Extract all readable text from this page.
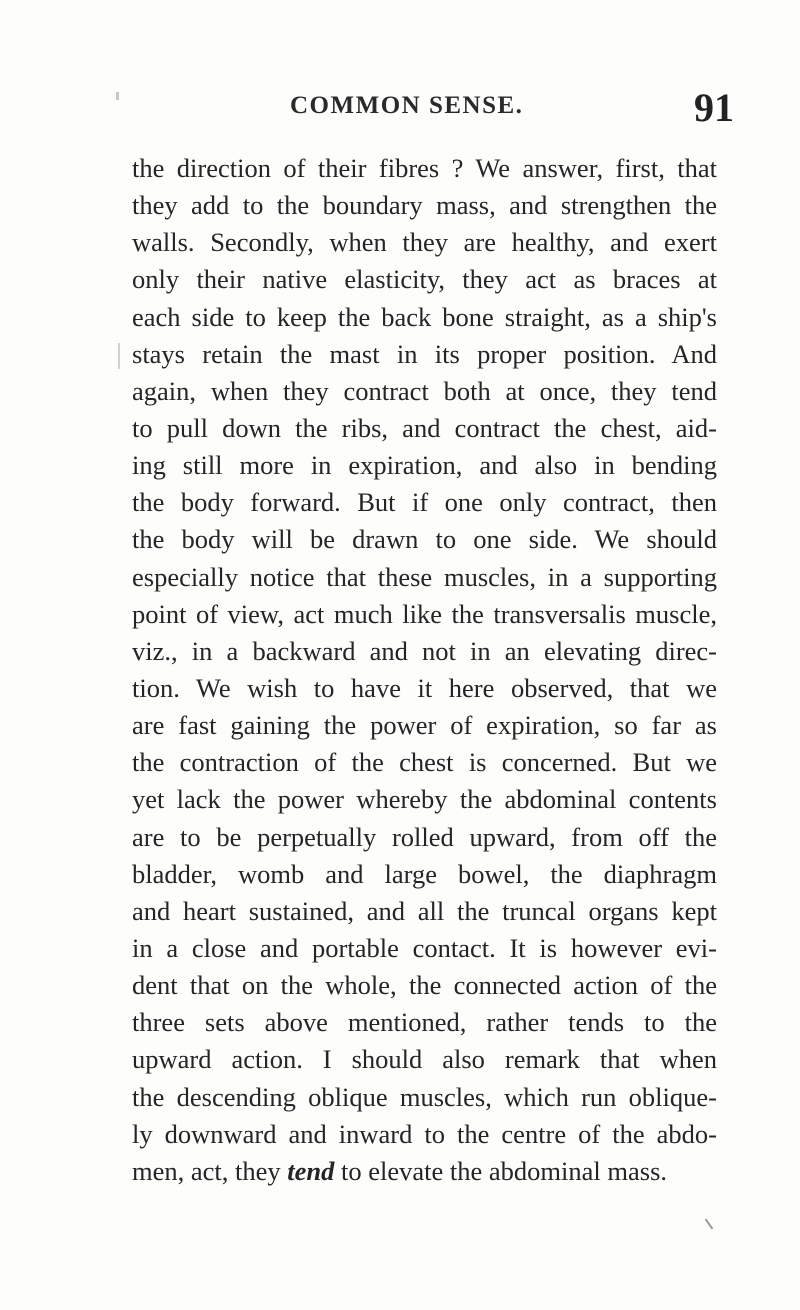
COMMON SENSE.	91
the direction of their fibres ? We answer, first, that
they add to the boundary mass, and strengthen the
walls. Secondly, when they are healthy, and exert
only their native elasticity, they act as braces at
each side to keep the back bone straight, as a ship's
stays retain the mast in its proper position. And
again, when they contract both at once, they tend
to pull down the ribs, and contract the chest, aid-
ing still more in expiration, and also in bending
the body forward. But if one only contract, then
the body will be drawn to one side. We should
especially notice that these muscles, in a supporting
point of view, act much like the transversalis muscle,
viz., in a backward and not in an elevating direc-
tion. We wish to have it here observed, that we
are fast gaining the power of expiration, so far as
the contraction of the chest is concerned. But we
yet lack the power whereby the abdominal contents
are to be perpetually rolled upward, from off the
bladder, womb and large bowel, the diaphragm
and heart sustained, and all the truncal organs kept
in a close and portable contact. It is however evi-
dent that on the whole, the connected action of the
three sets above mentioned, rather tends to the
upward action. I should also remark that when
the descending oblique muscles, which run oblique-
ly downward and inward to the centre of the abdo-
men, act, they tend to elevate the abdominal mass.
